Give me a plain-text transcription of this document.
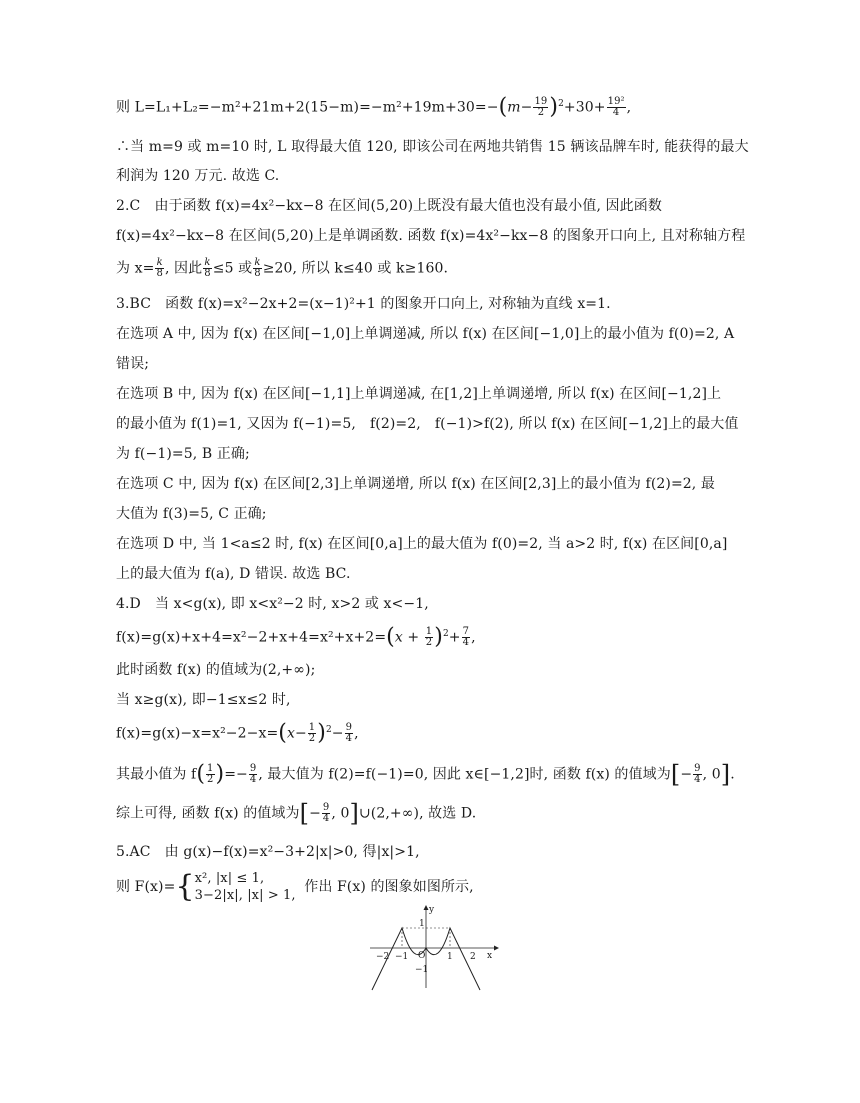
则 $L=L_1+L_2=-m^2+21m+2(15-m)=-m^2+19m+30=-(m- \frac{19}{2} )^2+30+ \frac{\text{19²}}{4}$ ,
∴当 m=9 或 m=10 时, L 取得最大值 120, 即该公司在两地共销售 15 辆该品牌车时, 能获得的最大
利润为 120 万元. 故选 C.
2.C　由于函数 f(x)=4x²−kx−8 在区间(5,20)上既没有最大值也没有最小值, 因此函数
f(x)=4x²−kx−8 在区间(5,20)上是单调函数. 函数 f(x)=4x²−kx−8 的图象开口向上, 且对称轴方程
为 $x= \frac{k}{8}$ , 因此 $\frac{k}{8} \le 5$ 或 $\frac{k}{8} \ge 20$, 所以 k≤40 或 k≥160.
3.BC　函数 f(x)=x²−2x+2=(x−1)²+1 的图象开口向上, 对称轴为直线 x=1.
在选项 A 中, 因为 f(x) 在区间[−1,0]上单调递减, 所以 f(x) 在区间[−1,0]上的最小值为 f(0)=2, A
错误;
在选项 B 中, 因为 f(x) 在区间[−1,1]上单调递减, 在[1,2]上单调递增, 所以 f(x) 在区间[−1,2]上
的最小值为 f(1)=1, 又因为 f(−1)=5,　f(2)=2,　f(−1)>f(2), 所以 f(x) 在区间[−1,2]上的最大值
为 f(−1)=5, B 正确;
在选项 C 中, 因为 f(x) 在区间[2,3]上单调递增, 所以 f(x) 在区间[2,3]上的最小值为 f(2)=2, 最
大值为 f(3)=5, C 正确;
在选项 D 中, 当 1<a≤2 时, f(x) 在区间[0,a]上的最大值为 f(0)=2, 当 a>2 时, f(x) 在区间[0,a]
上的最大值为 f(a), D 错误. 故选 BC.
4.D　当 x<g(x), 即 x<x²−2 时, x>2 或 x<−1,
$f(x)=g(x)+x+4=x^2-2+x+4=x^2+x+2=(x + \frac{1}{2} )^2+ \frac{7}{4}$ ,
此时函数 f(x) 的值域为(2,+∞);
当 x≥g(x), 即−1≤x≤2 时,
$f(x)=g(x)-x=x^2-2-x=(x- \frac{1}{2} )^2- \frac{9}{4}$ ,
其最小值为 $f( \frac{1}{2}$ )=− $\frac{9}{4}$ , 最大值为 f(2)=f(−1)=0, 因此 x∈[−1,2]时, 函数 f(x) 的值域为[− $\frac{9}{4}$ , 0].
综上可得, 函数 f(x) 的值域为[− $\frac{9}{4}$ , 0]∪(2,+∞), 故选 D.
5.AC　由 g(x)−f(x)=x²−3+2|x|>0, 得|x|>1,
则 F(x)={ x², |x| ≤ 1,
3−2|x|, |x| > 1,
作出 F(x) 的图象如图所示,
y
x
O
−2 −1	1 2
1
−1
